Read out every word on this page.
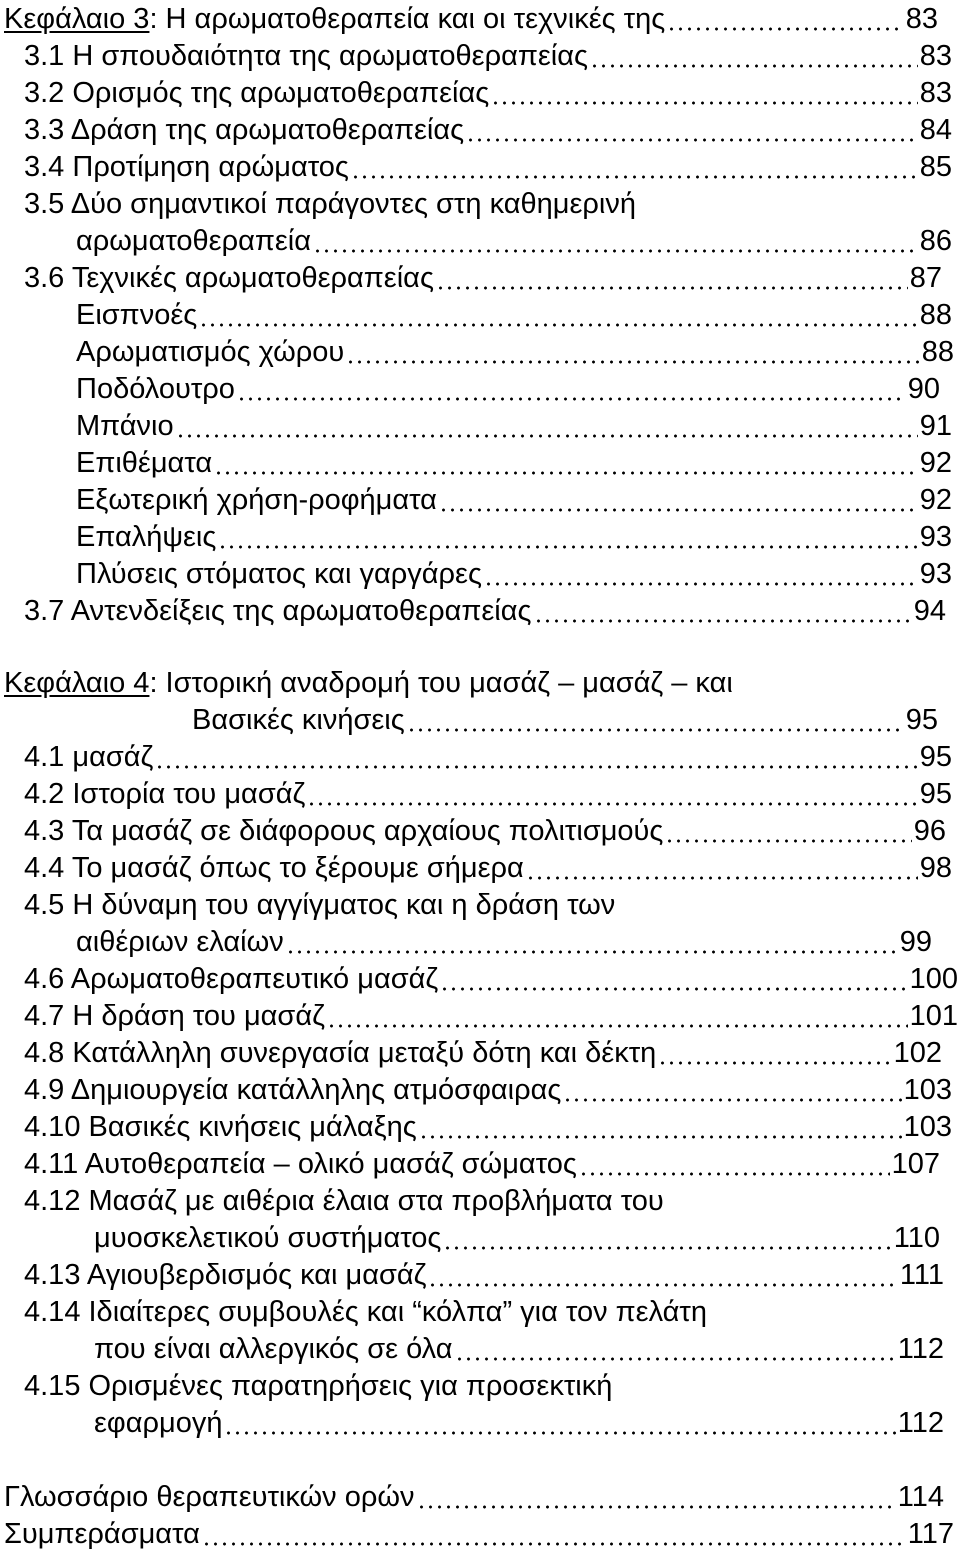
Κεφάλαιο 3: Η αρωματοθεραπεία και οι τεχνικές της	83
3.1 Η σπουδαιότητα της αρωματοθεραπείας	83
3.2 Ορισμός της αρωματοθεραπείας	83
3.3 Δράση της αρωματοθεραπείας	84
3.4 Προτίμηση αρώματος	85
3.5 Δύο σημαντικοί παράγοντες στη καθημερινή
αρωματοθεραπεία	86
3.6 Τεχνικές αρωματοθεραπείας	87
Εισπνοές	88
Αρωματισμός χώρου	88
Ποδόλουτρο	90
Μπάνιο	91
Επιθέματα	92
Εξωτερική χρήση-ροφήματα	92
Επαλήψεις	93
Πλύσεις στόματος και γαργάρες	93
3.7 Αντενδείξεις της αρωματοθεραπείας	94
Κεφάλαιο 4: Ιστορική αναδρομή του μασάζ – μασάζ – και
Βασικές κινήσεις	95
4.1 μασάζ	95
4.2 Ιστορία του μασάζ	95
4.3 Τα μασάζ σε διάφορους αρχαίους πολιτισμούς	96
4.4 Το μασάζ όπως το ξέρουμε σήμερα	98
4.5 Η δύναμη του αγγίγματος και η δράση των
αιθέριων ελαίων	99
4.6 Αρωματοθεραπευτικό μασάζ	100
4.7 Η δράση του μασάζ	101
4.8 Κατάλληλη συνεργασία μεταξύ δότη και δέκτη	102
4.9 Δημιουργεία κατάλληλης ατμόσφαιρας	103
4.10 Βασικές κινήσεις μάλαξης	103
4.11 Αυτοθεραπεία – ολικό μασάζ σώματος	107
4.12 Μασάζ με αιθέρια έλαια στα προβλήματα του
μυοσκελετικού συστήματος	110
4.13 Αγιουβερδισμός και μασάζ	111
4.14 Ιδιαίτερες συμβουλές και “κόλπα” για τον πελάτη
που είναι αλλεργικός σε όλα	112
4.15 Ορισμένες παρατηρήσεις για προσεκτική
εφαρμογή	112
Γλωσσάριο θεραπευτικών ορών	114
Συμπεράσματα	117
